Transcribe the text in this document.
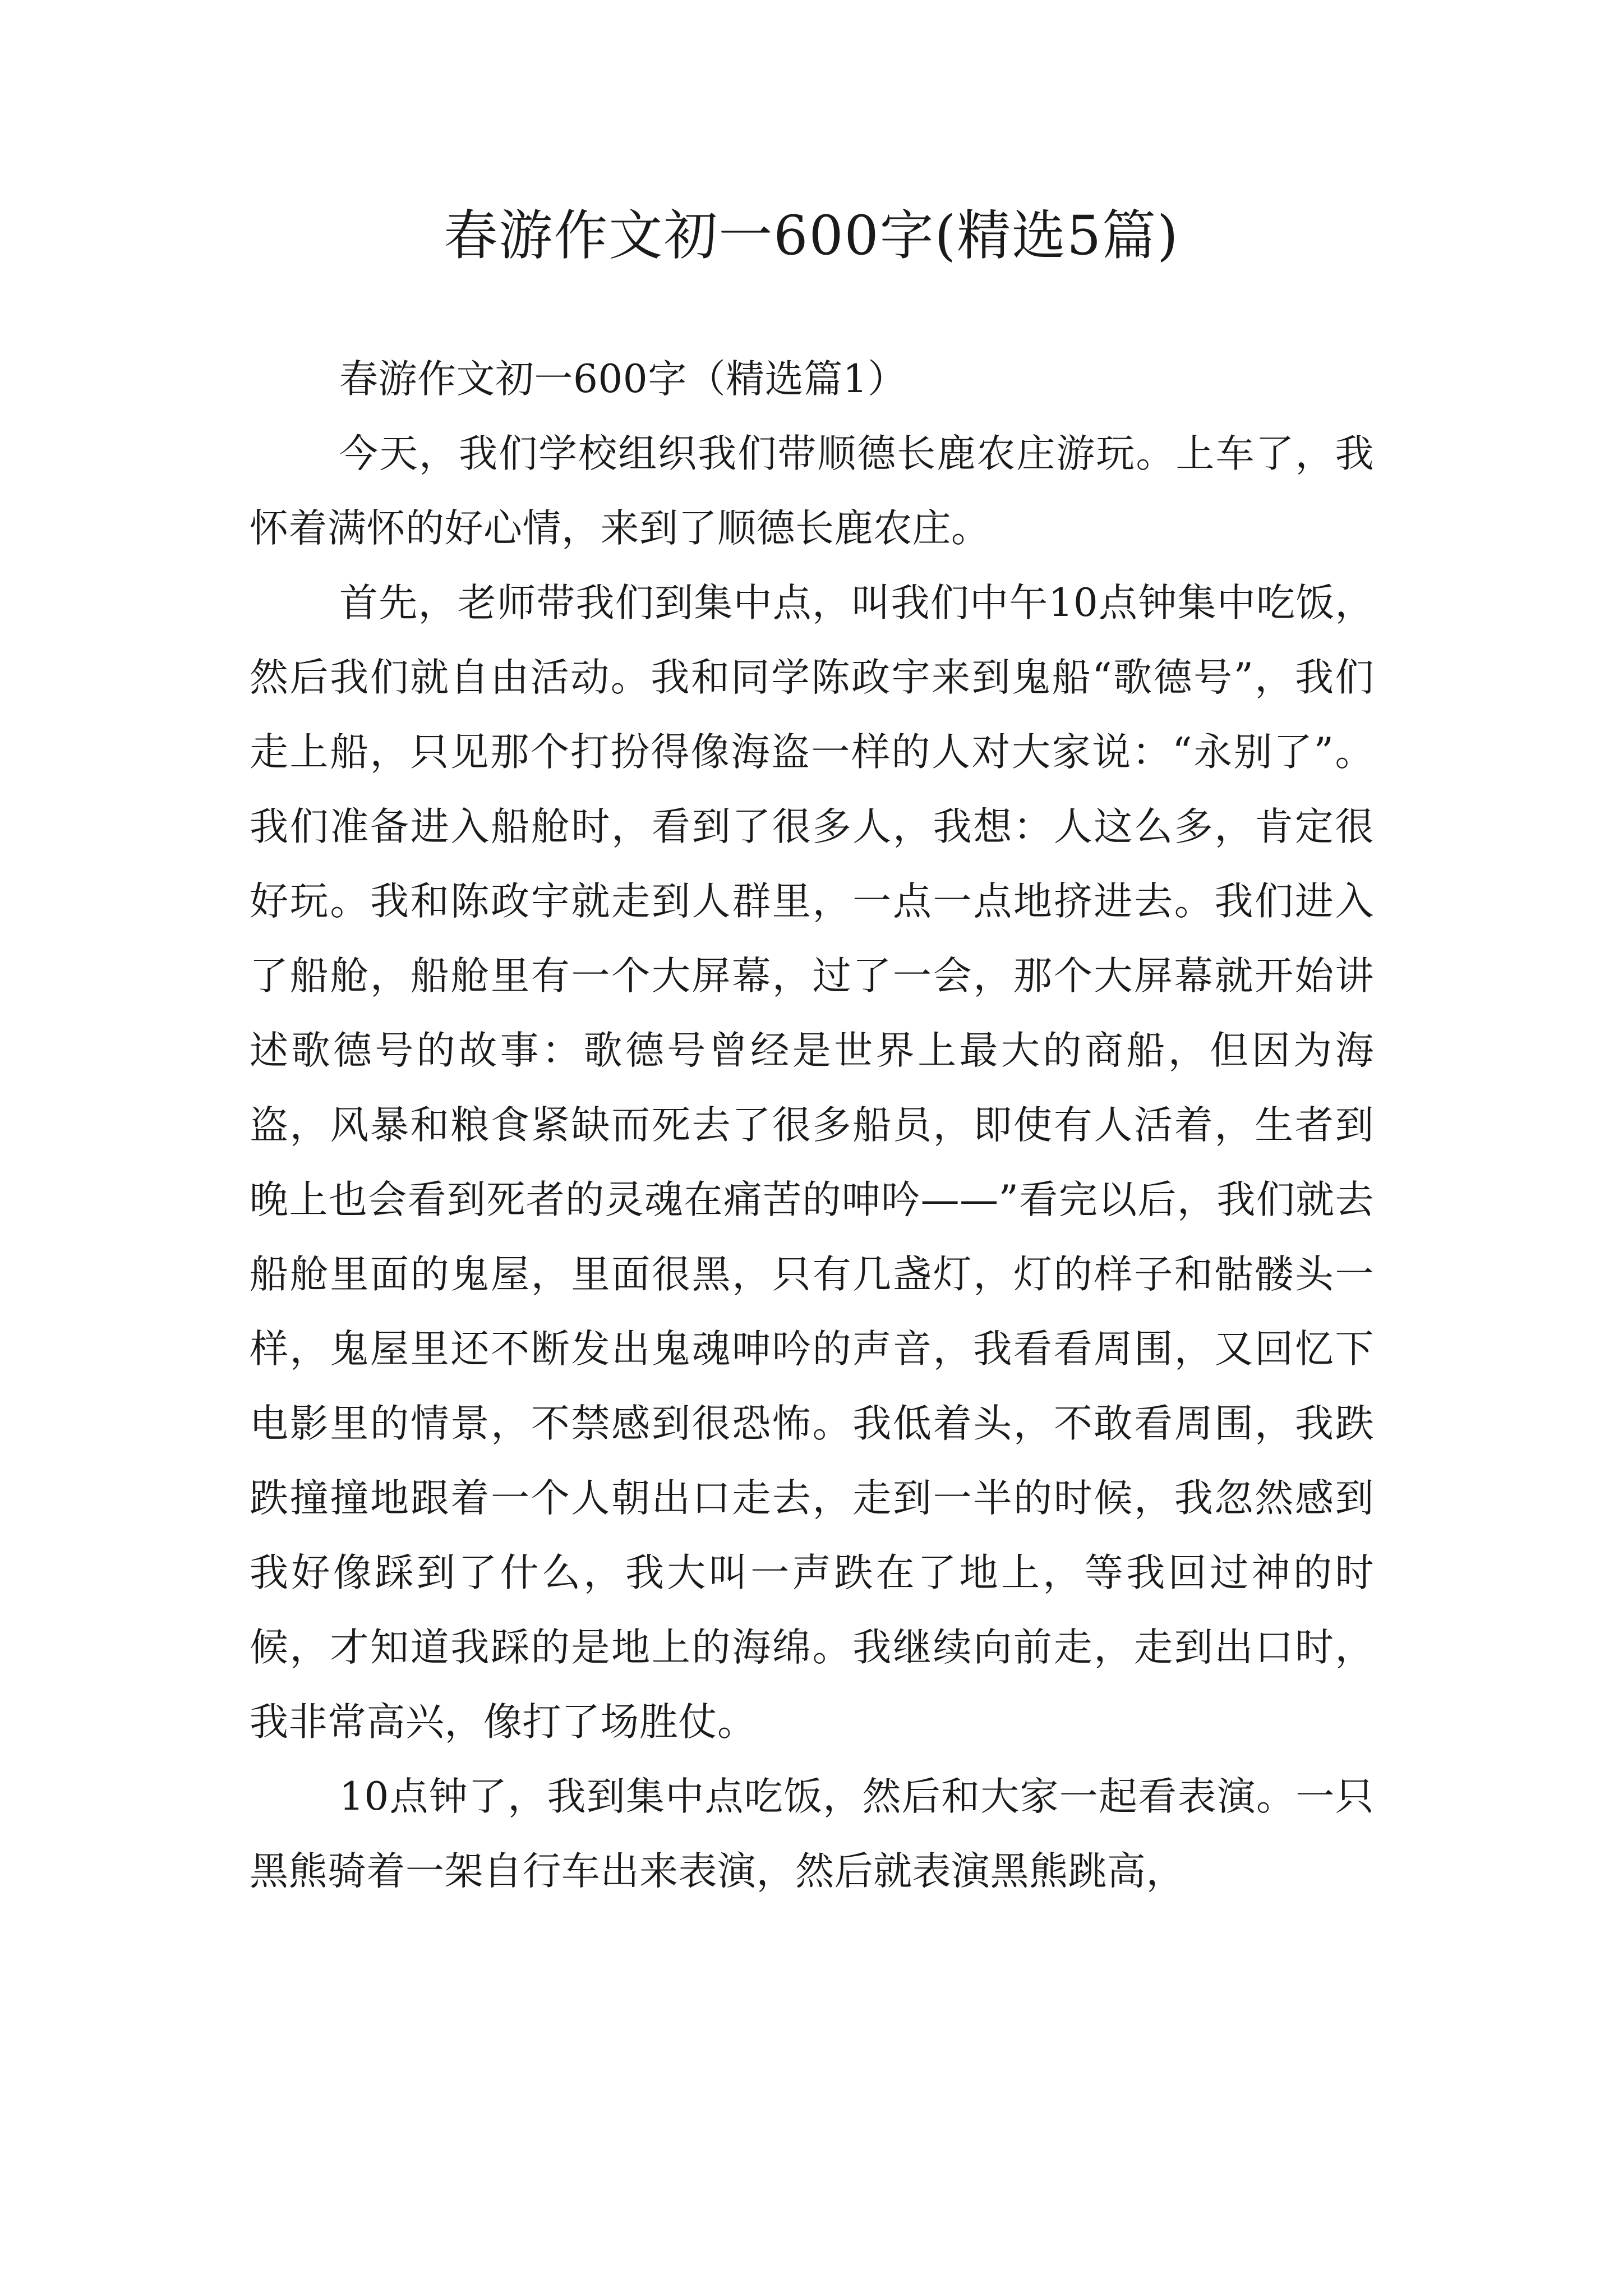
春游作文初一600字(精选5篇)

春游作文初一600字（精选篇1）

今天，我们学校组织我们带顺德长鹿农庄游玩。上车了，我怀着满怀的好心情，来到了顺德长鹿农庄。

首先，老师带我们到集中点，叫我们中午10点钟集中吃饭，然后我们就自由活动。我和同学陈政宇来到鬼船“歌德号”，我们走上船，只见那个打扮得像海盗一样的人对大家说：“永别了”。我们准备进入船舱时，看到了很多人，我想：人这么多，肯定很好玩。我和陈政宇就走到人群里，一点一点地挤进去。我们进入了船舱，船舱里有一个大屏幕，过了一会，那个大屏幕就开始讲述歌德号的故事：歌德号曾经是世界上最大的商船，但因为海盗，风暴和粮食紧缺而死去了很多船员，即使有人活着，生者到晚上也会看到死者的灵魂在痛苦的呻吟——”看完以后，我们就去船舱里面的鬼屋，里面很黑，只有几盏灯，灯的样子和骷髅头一样，鬼屋里还不断发出鬼魂呻吟的声音，我看看周围，又回忆下电影里的情景，不禁感到很恐怖。我低着头，不敢看周围，我跌跌撞撞地跟着一个人朝出口走去，走到一半的时候，我忽然感到我好像踩到了什么，我大叫一声跌在了地上，等我回过神的时候，才知道我踩的是地上的海绵。我继续向前走，走到出口时，我非常高兴，像打了场胜仗。

10点钟了，我到集中点吃饭，然后和大家一起看表演。一只黑熊骑着一架自行车出来表演，然后就表演黑熊跳高，
